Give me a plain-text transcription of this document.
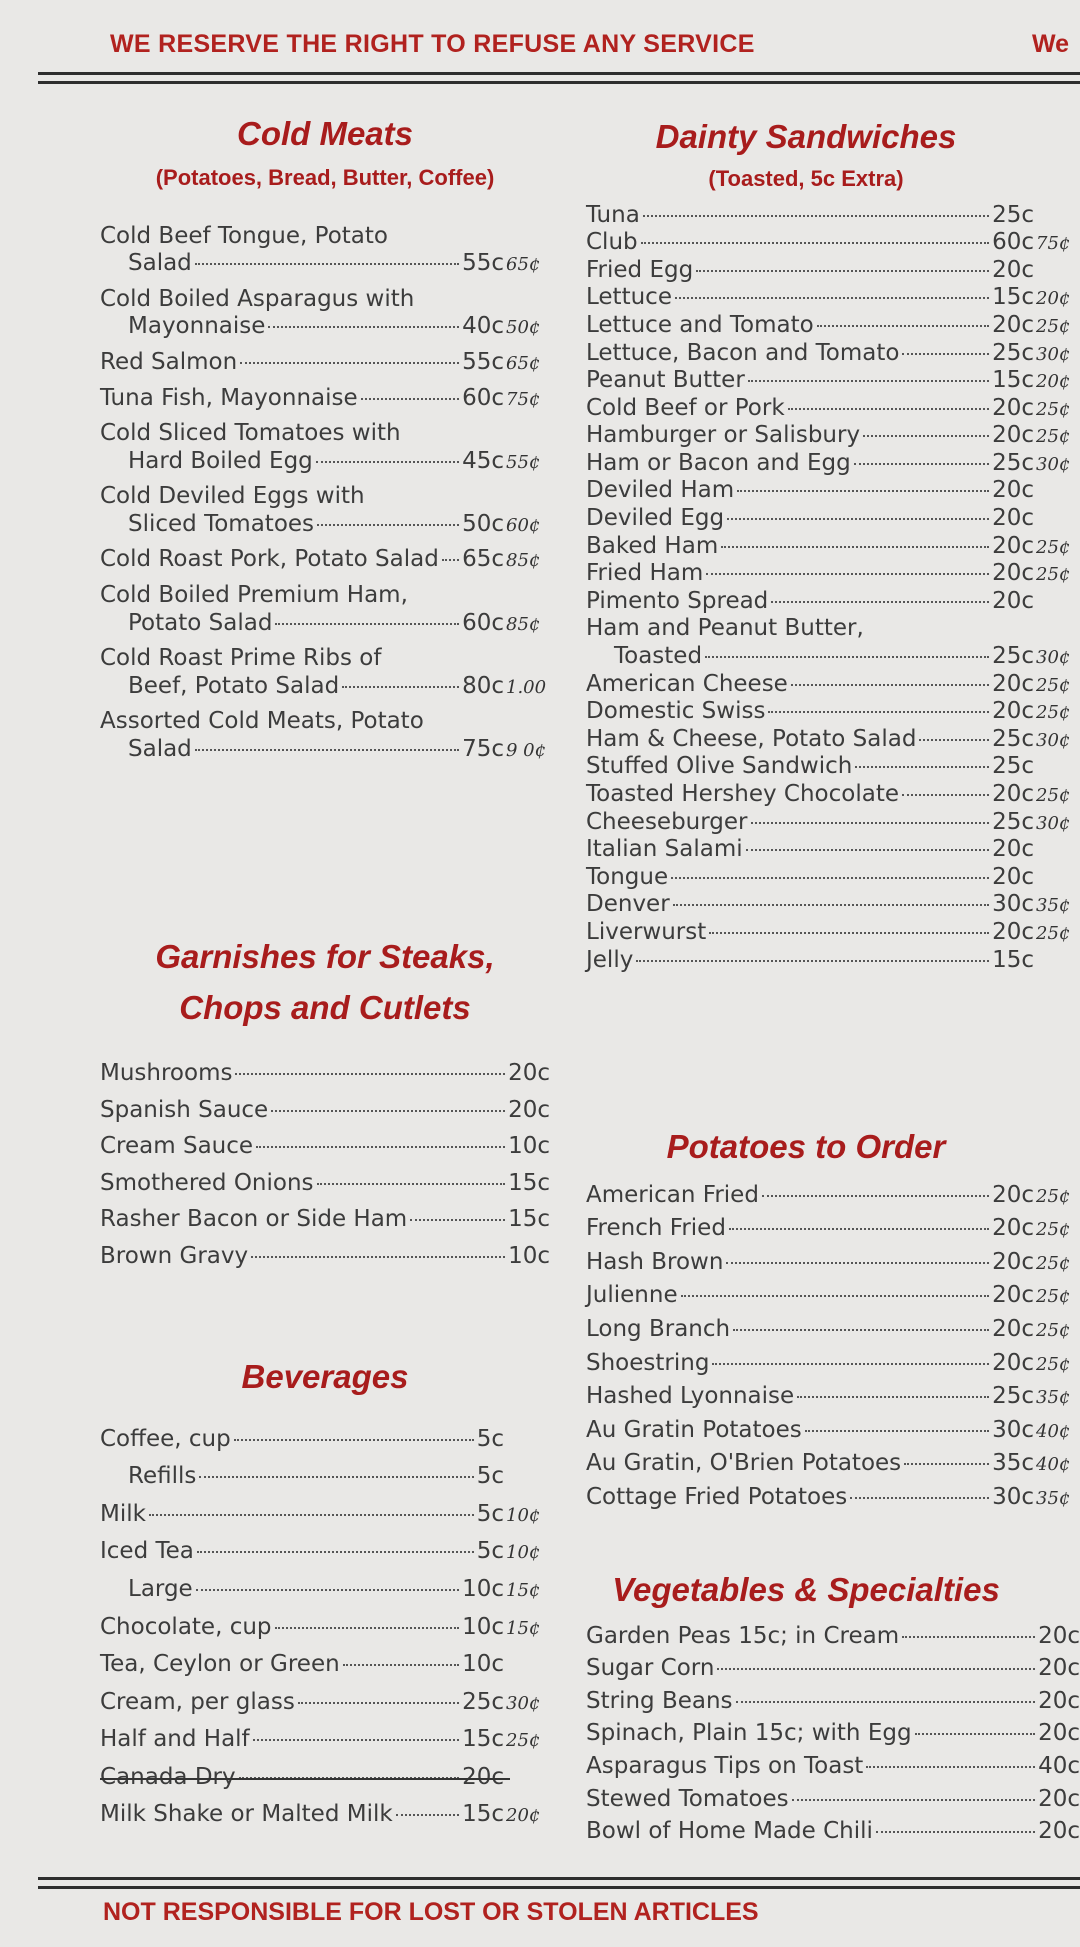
WE RESERVE THE RIGHT TO REFUSE ANY SERVICE	We
Cold Meats

(Potatoes, Bread, Butter, Coffee)

Cold Beef Tongue, Potato
Salad	55c 65¢
Cold Boiled Asparagus with
Mayonnaise	40c 50¢
Red Salmon	55c 65¢
Tuna Fish, Mayonnaise	60c 75¢
Cold Sliced Tomatoes with
Hard Boiled Egg	45c 55¢
Cold Deviled Eggs with
Sliced Tomatoes	50c 60¢
Cold Roast Pork, Potato Salad 65c 85¢
Cold Boiled Premium Ham,
Potato Salad	60c 85¢
Cold Roast Prime Ribs of
Beef, Potato Salad	80c 1.00
Assorted Cold Meats, Potato
Salad	75c 9 0¢
Garnishes for Steaks,
Chops and Cutlets
Mushrooms	20c
Spanish Sauce	20c
Cream Sauce	10c
Smothered Onions	15c
Rasher Bacon or Side Ham	15c
Brown Gravy	10c
Beverages
Coffee, cup	5c
Refills	5c
Milk	5c 10¢
Iced Tea	5c 10¢
Large	10c 15¢
Chocolate, cup	10c 15¢
Tea, Ceylon or Green	10c
Cream, per glass	25c 30¢
Half and Half	15c 25¢
Canada Dry	20c
Milk Shake or Malted Milk	15c 20¢
Dainty Sandwiches

(Toasted, 5c Extra)

Tuna	25c
Club	60c 75¢
Fried Egg	20c
Lettuce	15c 20¢
Lettuce and Tomato	20c 25¢
Lettuce, Bacon and Tomato	25c 30¢
Peanut Butter	15c 20¢
Cold Beef or Pork	20c 25¢
Hamburger or Salisbury	20c 25¢
Ham or Bacon and Egg	25c 30¢
Deviled Ham	20c
Deviled Egg	20c
Baked Ham	20c 25¢
Fried Ham	20c 25¢
Pimento Spread	20c
Ham and Peanut Butter,
Toasted	25c 30¢
American Cheese	20c 25¢
Domestic Swiss	20c 25¢
Ham & Cheese, Potato Salad	25c 30¢
Stuffed Olive Sandwich	25c
Toasted Hershey Chocolate	20c 25¢
Cheeseburger	25c 30¢
Italian Salami	20c
Tongue	20c
Denver	30c 35¢
Liverwurst	20c 25¢
Jelly	15c
Potatoes to Order
American Fried	20c 25¢
French Fried	20c 25¢
Hash Brown	20c 25¢
Julienne	20c 25¢
Long Branch	20c 25¢
Shoestring	20c 25¢
Hashed Lyonnaise	25c 35¢
Au Gratin Potatoes	30c 40¢
Au Gratin, O'Brien Potatoes	35c 40¢
Cottage Fried Potatoes	30c 35¢
Vegetables & Specialties
Garden Peas 15c; in Cream	20c
Sugar Corn	20c
String Beans	20c
Spinach, Plain 15c; with Egg	20c
Asparagus Tips on Toast	40c
Stewed Tomatoes	20c
Bowl of Home Made Chili	20c
NOT RESPONSIBLE FOR LOST OR STOLEN ARTICLES
